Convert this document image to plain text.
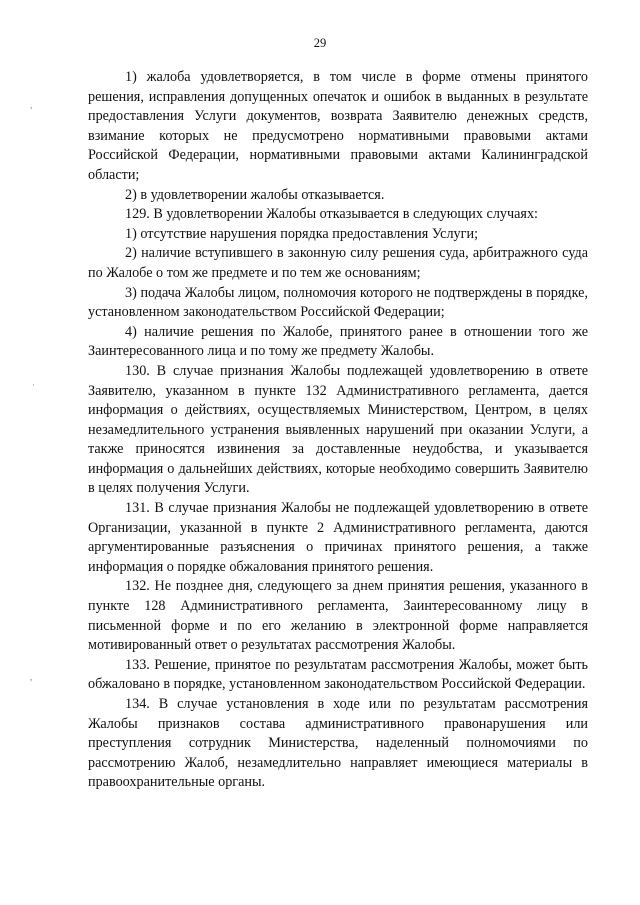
29
,
·
,

1) жалоба удовлетворяется, в том числе в форме отмены принятого решения, исправления допущенных опечаток и ошибок в выданных в результате предоставления Услуги документов, возврата Заявителю денежных средств, взимание которых не предусмотрено нормативными правовыми актами Российской Федерации, нормативными правовыми актами Калининградской области;

2) в удовлетворении жалобы отказывается.

129. В удовлетворении Жалобы отказывается в следующих случаях:

1) отсутствие нарушения порядка предоставления Услуги;

2) наличие вступившего в законную силу решения суда, арбитражного суда по Жалобе о том же предмете и по тем же основаниям;

3) подача Жалобы лицом, полномочия которого не подтверждены в порядке, установленном законодательством Российской Федерации;

4) наличие решения по Жалобе, принятого ранее в отношении того же Заинтересованного лица и по тому же предмету Жалобы.

130. В случае признания Жалобы подлежащей удовлетворению в ответе Заявителю, указанном в пункте 132 Административного регламента, дается информация о действиях, осуществляемых Министерством, Центром, в целях незамедлительного устранения выявленных нарушений при оказании Услуги, а также приносятся извинения за доставленные неудобства, и указывается информация о дальнейших действиях, которые необходимо совершить Заявителю в целях получения Услуги.

131. В случае признания Жалобы не подлежащей удовлетворению в ответе Организации, указанной в пункте 2 Административного регламента, даются аргументированные разъяснения о причинах принятого решения, а также информация о порядке обжалования принятого решения.

132. Не позднее дня, следующего за днем принятия решения, указанного в пункте 128 Административного регламента, Заинтересованному лицу в письменной форме и по его желанию в электронной форме направляется мотивированный ответ о результатах рассмотрения Жалобы.

133. Решение, принятое по результатам рассмотрения Жалобы, может быть обжаловано в порядке, установленном законодательством Российской Федерации.

134. В случае установления в ходе или по результатам рассмотрения Жалобы признаков состава административного правонарушения или преступления сотрудник Министерства, наделенный полномочиями по рассмотрению Жалоб, незамедлительно направляет имеющиеся материалы в правоохранительные органы.
